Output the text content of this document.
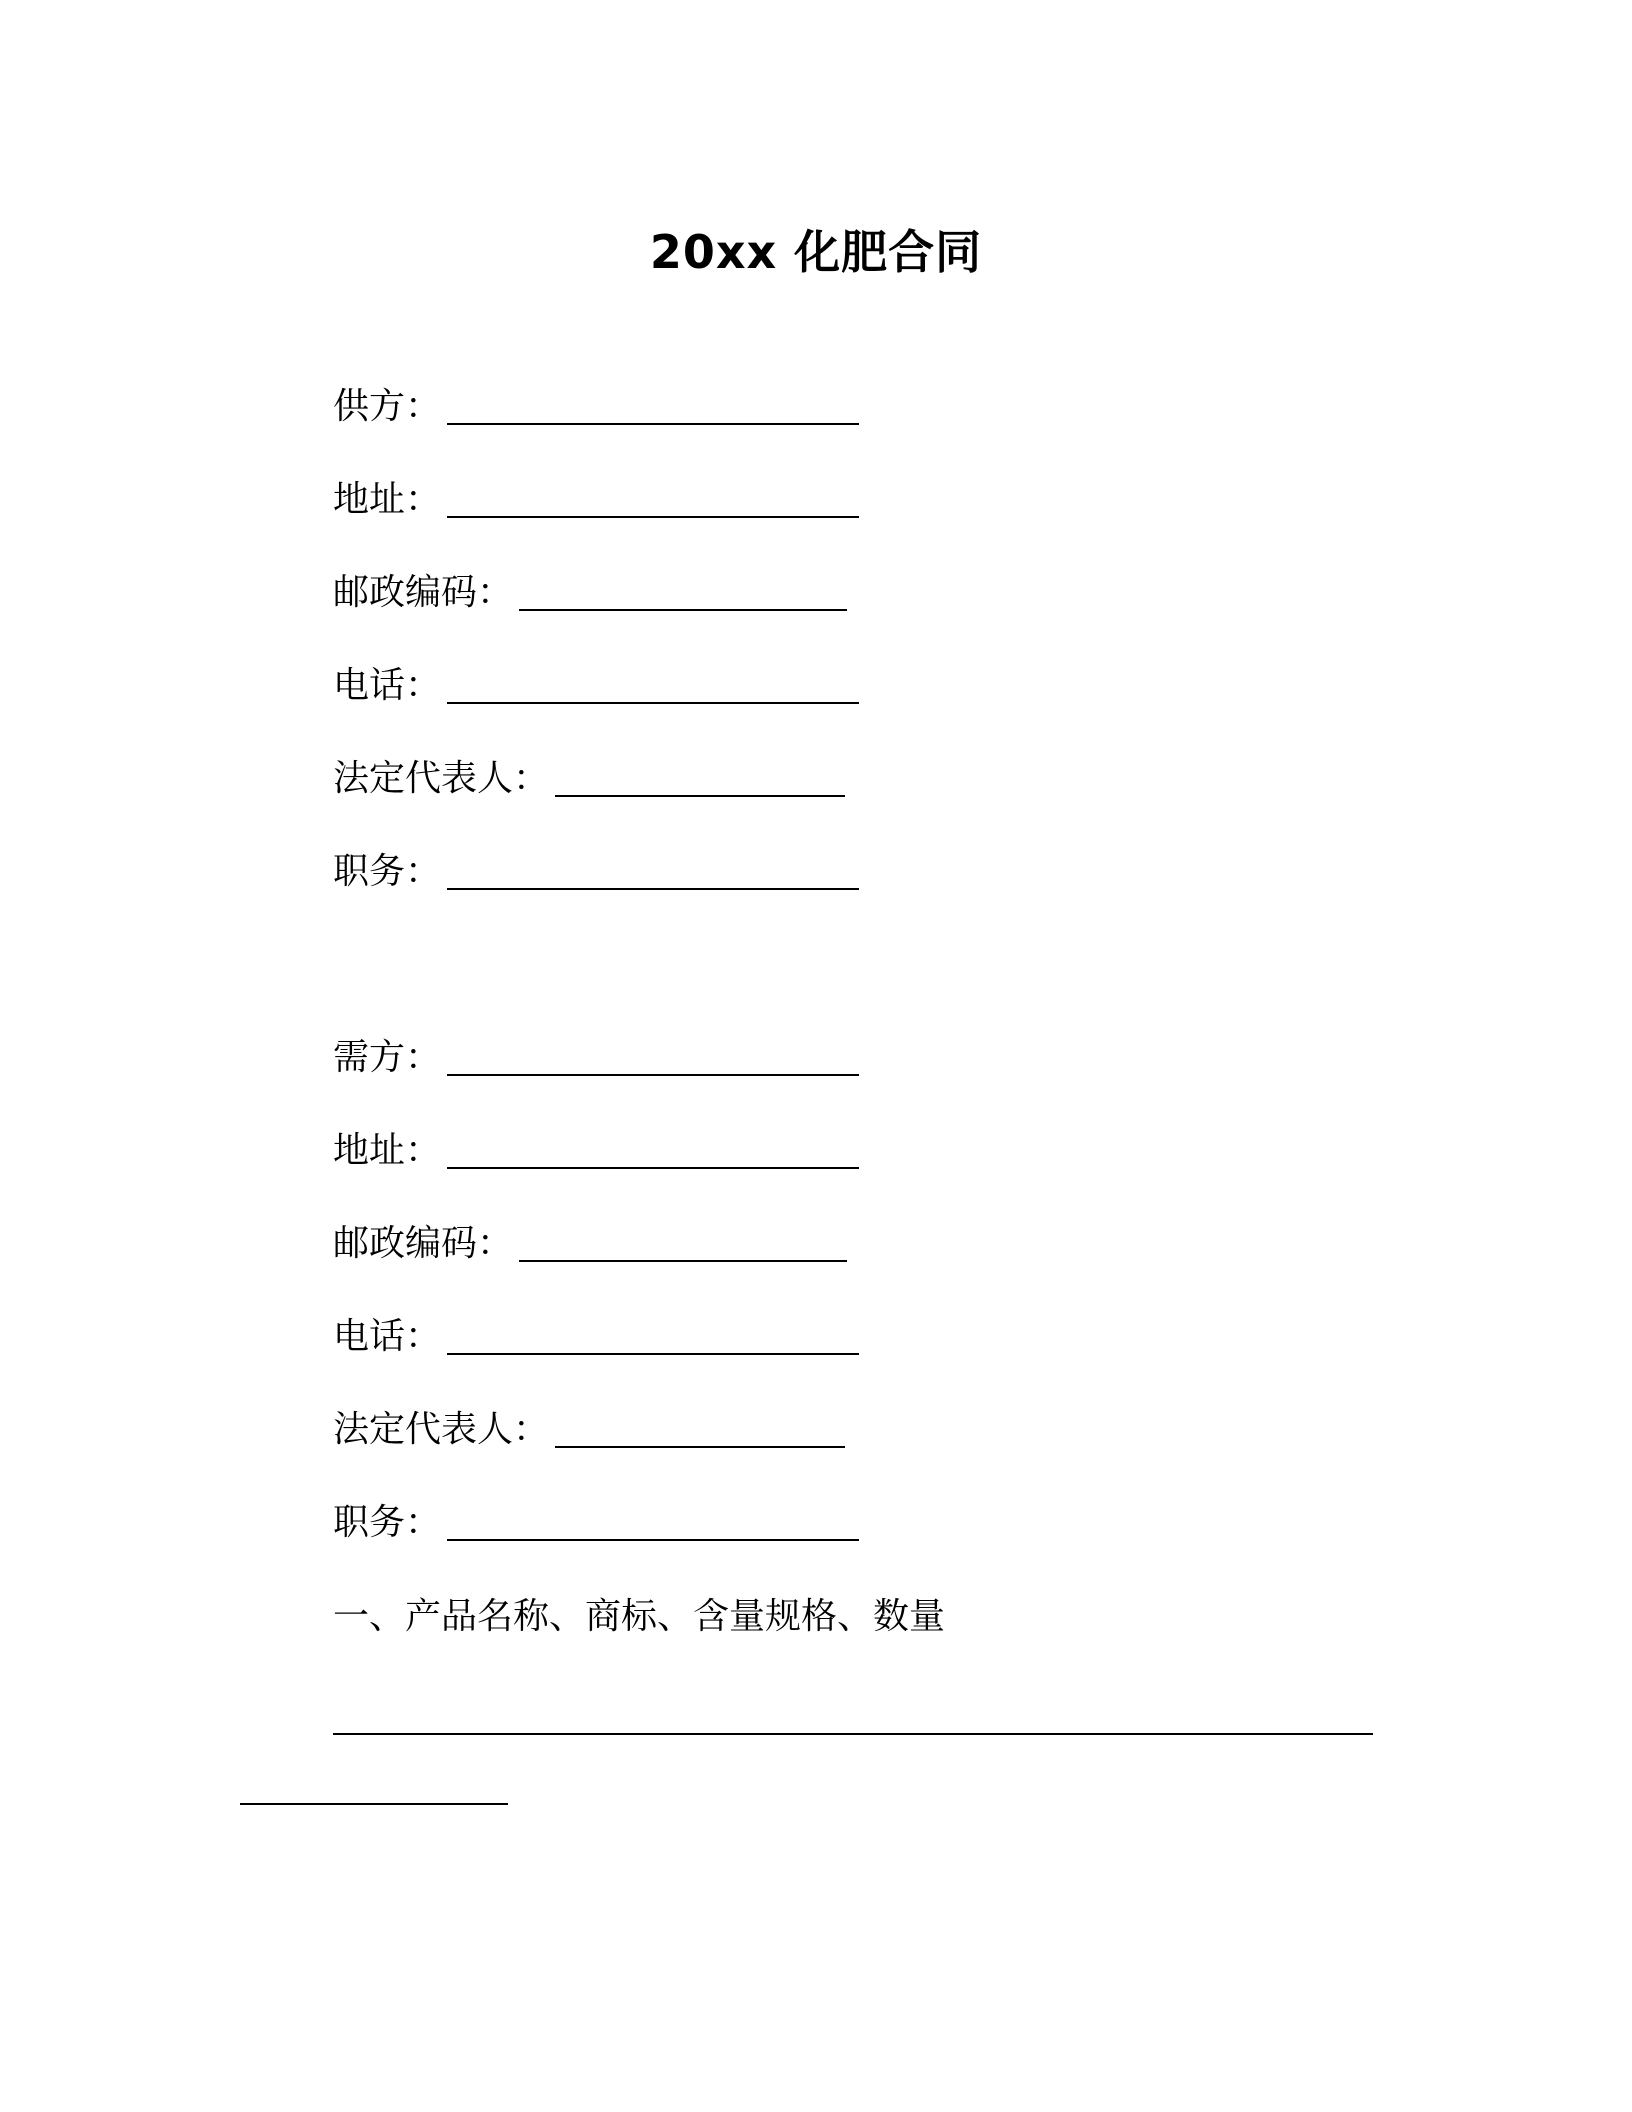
20xx 化肥合同
供方 ：
地址 ：
邮政编码 ：
电话 ：
法定代表人 ：
职务 ：
需方 ：
地址 ：
邮政编码 ：
电话 ：
法定代表人 ：
职务 ：
一、产品名称、商标、含量规格、数量
